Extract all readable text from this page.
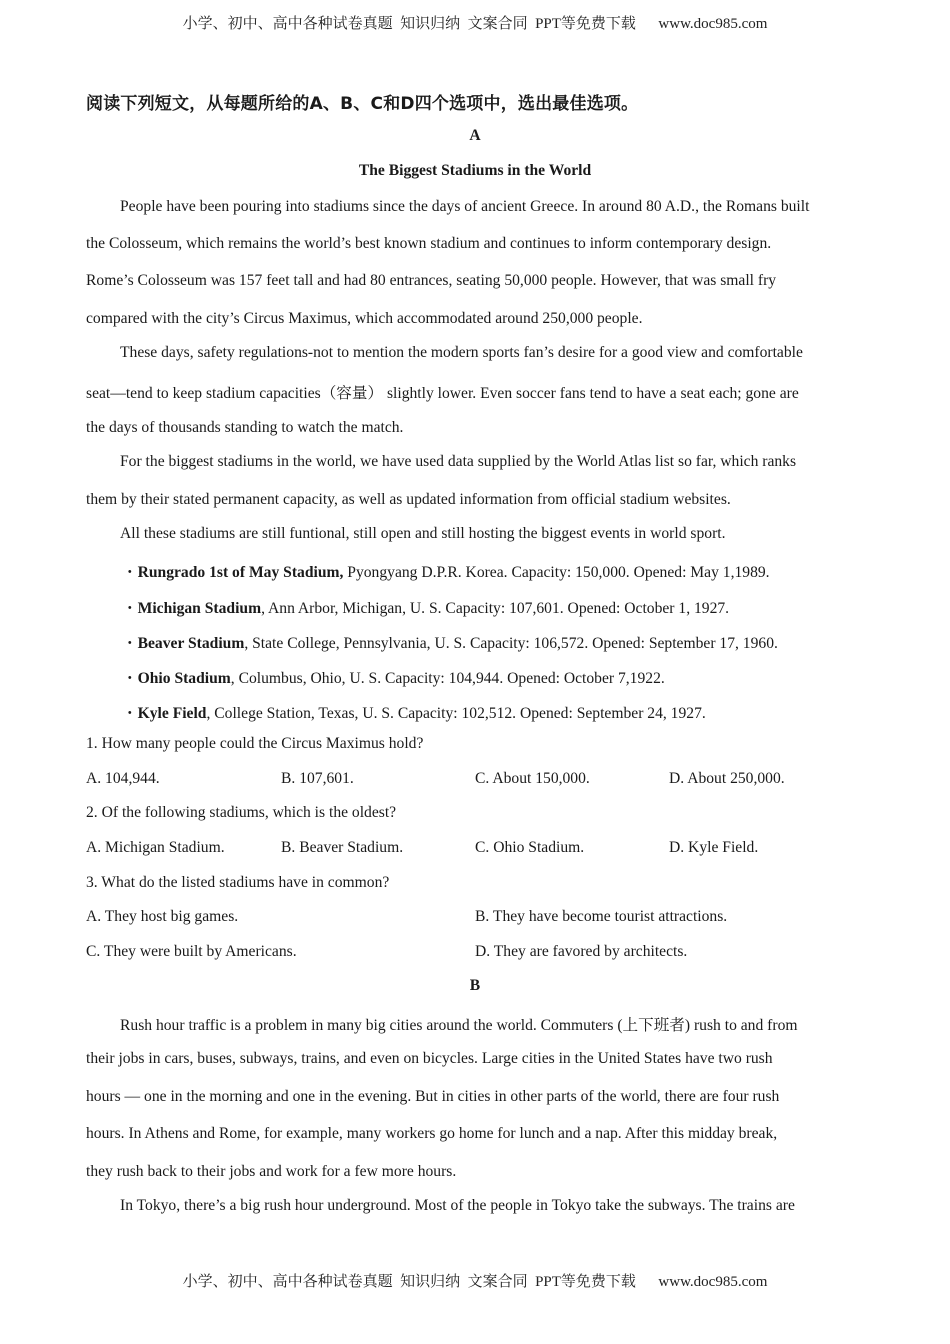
小学、初中、高中各种试卷真题  知识归纳  文案合同  PPT等免费下载      www.doc985.com
阅读下列短文，从每题所给的A、B、C和D四个选项中，选出最佳选项。
A
The Biggest Stadiums in the World
People have been pouring into stadiums since the days of ancient Greece. In around 80 A.D., the Romans built
the Colosseum, which remains the world’s best known stadium and continues to inform contemporary design.
Rome’s Colosseum was 157 feet tall and had 80 entrances, seating 50,000 people. However, that was small fry
compared with the city’s Circus Maximus, which accommodated around 250,000 people.
These days, safety regulations-not to mention the modern sports fan’s desire for a good view and comfortable
seat—tend to keep stadium capacities（容量） slightly lower. Even soccer fans tend to have a seat each; gone are
the days of thousands standing to watch the match.
For the biggest stadiums in the world, we have used data supplied by the World Atlas list so far, which ranks
them by their stated permanent capacity, as well as updated information from official stadium websites.
All these stadiums are still funtional, still open and still hosting the biggest events in world sport.
・Rungrado 1st of May Stadium, Pyongyang D.P.R. Korea. Capacity: 150,000. Opened: May 1,1989.
・Michigan Stadium, Ann Arbor, Michigan, U. S. Capacity: 107,601. Opened: October 1, 1927.
・Beaver Stadium, State College, Pennsylvania, U. S. Capacity: 106,572. Opened: September 17, 1960.
・Ohio Stadium, Columbus, Ohio, U. S. Capacity: 104,944. Opened: October 7,1922.
・Kyle Field, College Station, Texas, U. S. Capacity: 102,512. Opened: September 24, 1927.
1. How many people could the Circus Maximus hold?
A. 104,944.	B. 107,601.	C. About 150,000.	D. About 250,000.
2. Of the following stadiums, which is the oldest?
A. Michigan Stadium.	B. Beaver Stadium.	C. Ohio Stadium.	D. Kyle Field.
3. What do the listed stadiums have in common?
A. They host big games.	B. They have become tourist attractions.
C. They were built by Americans.	D. They are favored by architects.
B
Rush hour traffic is a problem in many big cities around the world. Commuters (上下班者) rush to and from
their jobs in cars, buses, subways, trains, and even on bicycles. Large cities in the United States have two rush
hours — one in the morning and one in the evening. But in cities in other parts of the world, there are four rush
hours. In Athens and Rome, for example, many workers go home for lunch and a nap. After this midday break,
they rush back to their jobs and work for a few more hours.
In Tokyo, there’s a big rush hour underground. Most of the people in Tokyo take the subways. The trains are
小学、初中、高中各种试卷真题  知识归纳  文案合同  PPT等免费下载      www.doc985.com
